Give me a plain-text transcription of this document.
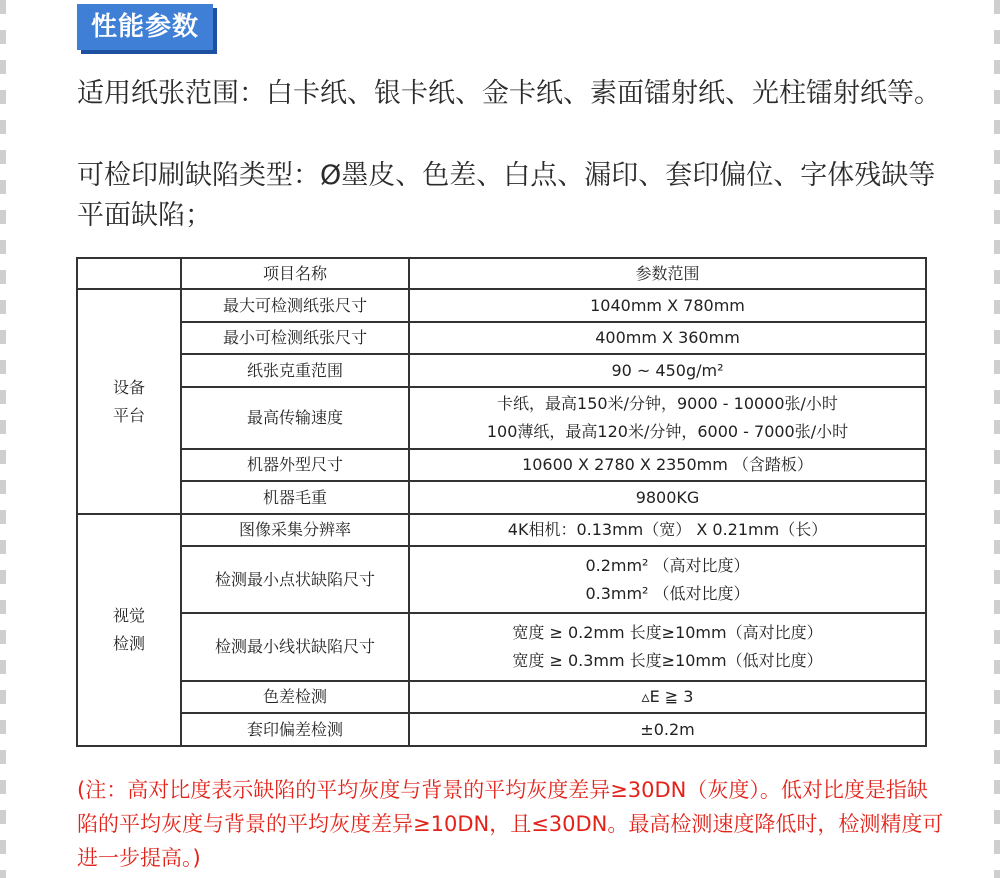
性能参数

适用纸张范围：白卡纸、银卡纸、金卡纸、素面镭射纸、光柱镭射纸等。

可检印刷缺陷类型：Ø墨皮、色差、白点、漏印、套印偏位、字体残缺等平面缺陷；

	项目名称	参数范围

设备
平台	最大可检测纸张尺寸	1040mm X 780mm

	最小可检测纸张尺寸	400mm X 360mm

	纸张克重范围	90 ~ 450g/m²

	最高传输速度	卡纸，最高150米/分钟，9000 - 10000张/小时
100薄纸，最高120米/分钟，6000 - 7000张/小时

	机器外型尺寸	10600 X 2780 X 2350mm （含踏板）

	机器毛重	9800KG

视觉
检测	图像采集分辨率	4K相机：0.13mm（宽） X 0.21mm（长）

	检测最小点状缺陷尺寸	0.2mm² （高对比度）
0.3mm² （低对比度）

	检测最小线状缺陷尺寸	宽度 ≥ 0.2mm 长度≥10mm（高对比度）
宽度 ≥ 0.3mm 长度≥10mm（低对比度）

	色差检测	▵E ≧ 3

	套印偏差检测	±0.2m

(注：高对比度表示缺陷的平均灰度与背景的平均灰度差异≥30DN（灰度）。低对比度是指缺陷的平均灰度与背景的平均灰度差异≥10DN，且≤30DN。最高检测速度降低时，检测精度可进一步提高。)
